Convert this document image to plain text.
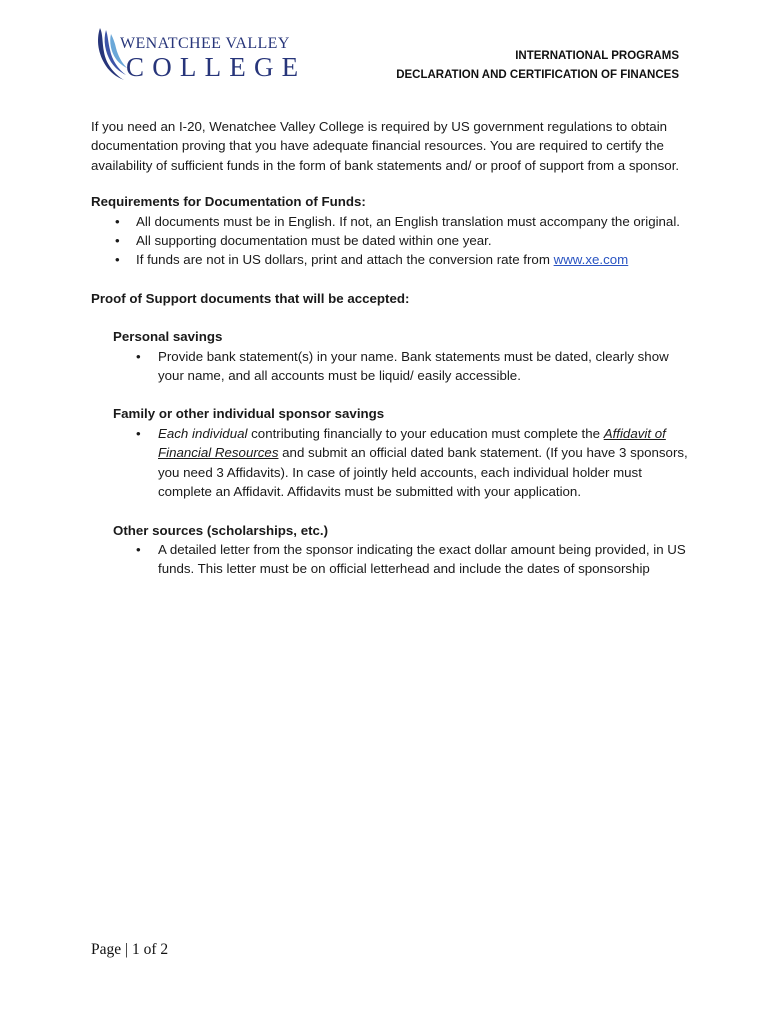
WENATCHEE VALLEY
COLLEGE	INTERNATIONAL PROGRAMS
DECLARATION AND CERTIFICATION OF FINANCES

If you need an I-20, Wenatchee Valley College is required by US government regulations to obtain documentation proving that you have adequate financial resources. You are required to certify the availability of sufficient funds in the form of bank statements and/ or proof of support from a sponsor.

Requirements for Documentation of Funds:

• All documents must be in English. If not, an English translation must accompany the original.
• All supporting documentation must be dated within one year.
• If funds are not in US dollars, print and attach the conversion rate from www.xe.com

Proof of Support documents that will be accepted:

Personal savings

• Provide bank statement(s) in your name. Bank statements must be dated, clearly show your name, and all accounts must be liquid/ easily accessible.

Family or other individual sponsor savings

• Each individual contributing financially to your education must complete the Affidavit of Financial Resources and submit an official dated bank statement. (If you have 3 sponsors, you need 3 Affidavits). In case of jointly held accounts, each individual holder must complete an Affidavit. Affidavits must be submitted with your application.

Other sources (scholarships, etc.)

• A detailed letter from the sponsor indicating the exact dollar amount being provided, in US funds. This letter must be on official letterhead and include the dates of sponsorship
Page | 1 of 2
